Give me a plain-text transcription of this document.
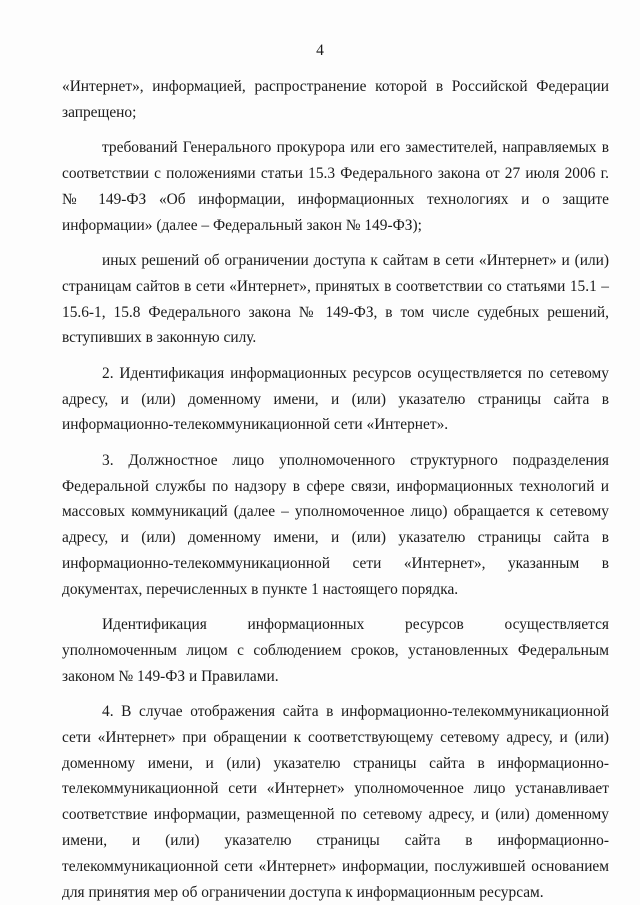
4

«Интернет», информацией, распространение которой в Российской Федерации запрещено;

требований Генерального прокурора или его заместителей, направляемых в соответствии с положениями статьи 15.3 Федерального закона от 27 июля 2006 г. № 149-ФЗ «Об информации, информационных технологиях и о защите информации» (далее – Федеральный закон № 149-ФЗ);

иных решений об ограничении доступа к сайтам в сети «Интернет» и (или) страницам сайтов в сети «Интернет», принятых в соответствии со статьями 15.1 – 15.6-1, 15.8 Федерального закона № 149-ФЗ, в том числе судебных решений, вступивших в законную силу.

2. Идентификация информационных ресурсов осуществляется по сетевому адресу, и (или) доменному имени, и (или) указателю страницы сайта в информационно-телекоммуникационной сети «Интернет».

3. Должностное лицо уполномоченного структурного подразделения Федеральной службы по надзору в сфере связи, информационных технологий и массовых коммуникаций (далее – уполномоченное лицо) обращается к сетевому адресу, и (или) доменному имени, и (или) указателю страницы сайта в информационно-телекоммуникационной сети «Интернет», указанным в документах, перечисленных в пункте 1 настоящего порядка.

Идентификация информационных ресурсов осуществляется уполномоченным лицом с соблюдением сроков, установленных Федеральным законом № 149-ФЗ и Правилами.

4. В случае отображения сайта в информационно-телекоммуникационной сети «Интернет» при обращении к соответствующему сетевому адресу, и (или) доменному имени, и (или) указателю страницы сайта в информационно-телекоммуникационной сети «Интернет» уполномоченное лицо устанавливает соответствие информации, размещенной по сетевому адресу, и (или) доменному имени, и (или) указателю страницы сайта в информационно-телекоммуникационной сети «Интернет» информации, послужившей основанием для принятия мер об ограничении доступа к информационным ресурсам.
